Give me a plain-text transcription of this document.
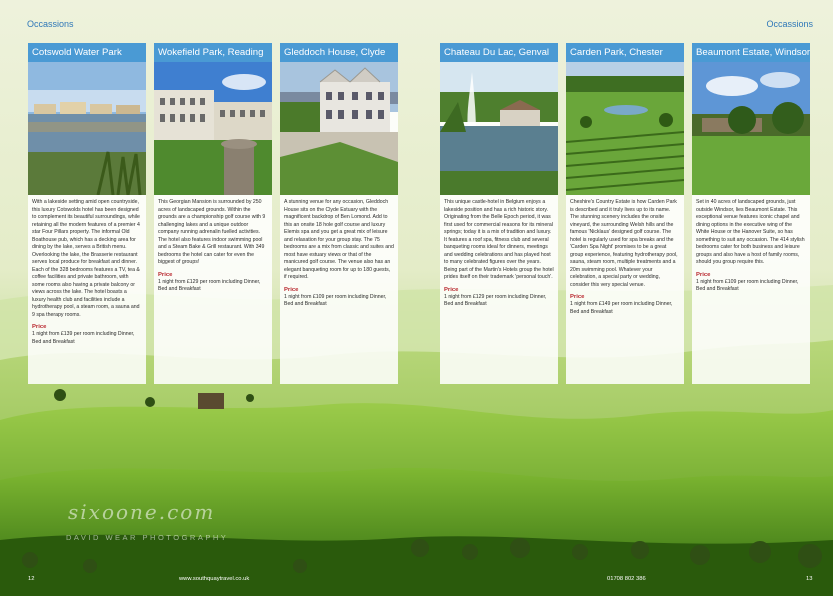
Occassions	Occassions
Cotswold Water Park
With a lakeside setting amid open countryside, this luxury Cotswolds hotel has been designed to complement its beautiful surroundings, while retaining all the modern features of a premier 4 star Four Pillars property. The informal Old Boathouse pub, which has a decking area for dining by the lake, serves a British menu. Overlooking the lake, the Brasserie restaurant serves local produce for breakfast and dinner. Each of the 328 bedrooms features a TV, tea & coffee facilities and private bathroom, with some rooms also having a private balcony or views across the lake. The hotel boasts a luxury health club and facilities include a hydrotherapy pool, a steam room, a sauna and 9 spa therapy rooms.
Price
1 night from £139 per room including Dinner, Bed and Breakfast
Wokefield Park, Reading
This Georgian Mansion is surrounded by 250 acres of landscaped grounds. Within the grounds are a championship golf course with 9 challenging lakes and a unique outdoor company running adrenalin fuelled activities. The hotel also features indoor swimming pool and a Steam Bake & Grill restaurant. With 349 bedrooms the hotel can cater for even the biggest of groups!
Price
1 night from £129 per room including Dinner, Bed and Breakfast
Gleddoch House, Clyde
A stunning venue for any occasion, Gleddoch House sits on the Clyde Estuary with the magnificent backdrop of Ben Lomond. Add to this an onsite 18 hole golf course and luxury Elemis spa and you get a great mix of leisure and relaxation for your group stay. The 75 bedrooms are a mix from classic and suites and most have estuary views or that of the manicured golf course. The venue also has an elegant banqueting room for up to 180 guests, if required.
Price
1 night from £109 per room including Dinner, Bed and Breakfast
Chateau Du Lac, Genval
This unique castle-hotel in Belgium enjoys a lakeside position and has a rich historic story. Originating from the Belle Epoch period, it was first used for commercial reasons for its mineral springs; today it is a mix of tradition and luxury. It features a roof spa, fitness club and several banqueting rooms ideal for dinners, meetings and wedding celebrations and has played host to many celebrated figures over the years. Being part of the Martin's Hotels group the hotel prides itself on their trademark 'personal touch'.
Price
1 night from £129 per room including Dinner, Bed and Breakfast
Carden Park, Chester
Cheshire's Country Estate is how Carden Park is described and it truly lives up to its name. The stunning scenery includes the onsite vineyard, the surrounding Welsh hills and the famous 'Nicklaus' designed golf course. The hotel is regularly used for spa breaks and the 'Carden Spa Night' promises to be a great group experience, featuring hydrotherapy pool, sauna, steam room, multiple treatments and a 20m swimming pool. Whatever your celebration, a special party or wedding, consider this very special venue.
Price
1 night from £149 per room including Dinner, Bed and Breakfast
Beaumont Estate, Windsor
Set in 40 acres of landscaped grounds, just outside Windsor, lies Beaumont Estate. This exceptional venue features iconic chapel and dining options in the executive wing of the White House or the Hanover Suite, so has something to suit any occasion. The 414 stylish bedrooms cater for both business and leisure groups and also have a host of family rooms, should you group require this.
Price
1 night from £109 per room including Dinner, Bed and Breakfast
sixoone.com
DAVID WEAR PHOTOGRAPHY
12	www.southquaytravel.co.uk	01708 802 386	13
